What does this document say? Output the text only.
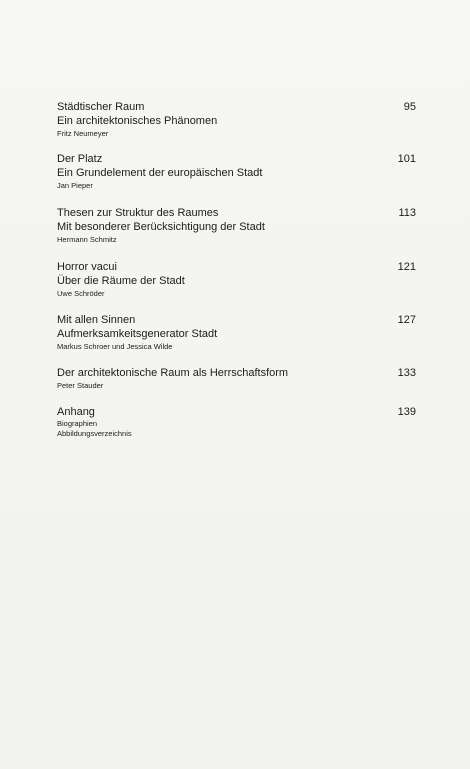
Städtischer Raum
Ein architektonisches Phänomen
Fritz Neumeyer
95
Der Platz
Ein Grundelement der europäischen Stadt
Jan Pieper
101
Thesen zur Struktur des Raumes
Mit besonderer Berücksichtigung der Stadt
Hermann Schmitz
113
Horror vacui
Über die Räume der Stadt
Uwe Schröder
121
Mit allen Sinnen
Aufmerksamkeitsgenerator Stadt
Markus Schroer und Jessica Wilde
127
Der architektonische Raum als Herrschaftsform
Peter Stauder
133
Anhang
Biographien
Abbildungsverzeichnis
139
